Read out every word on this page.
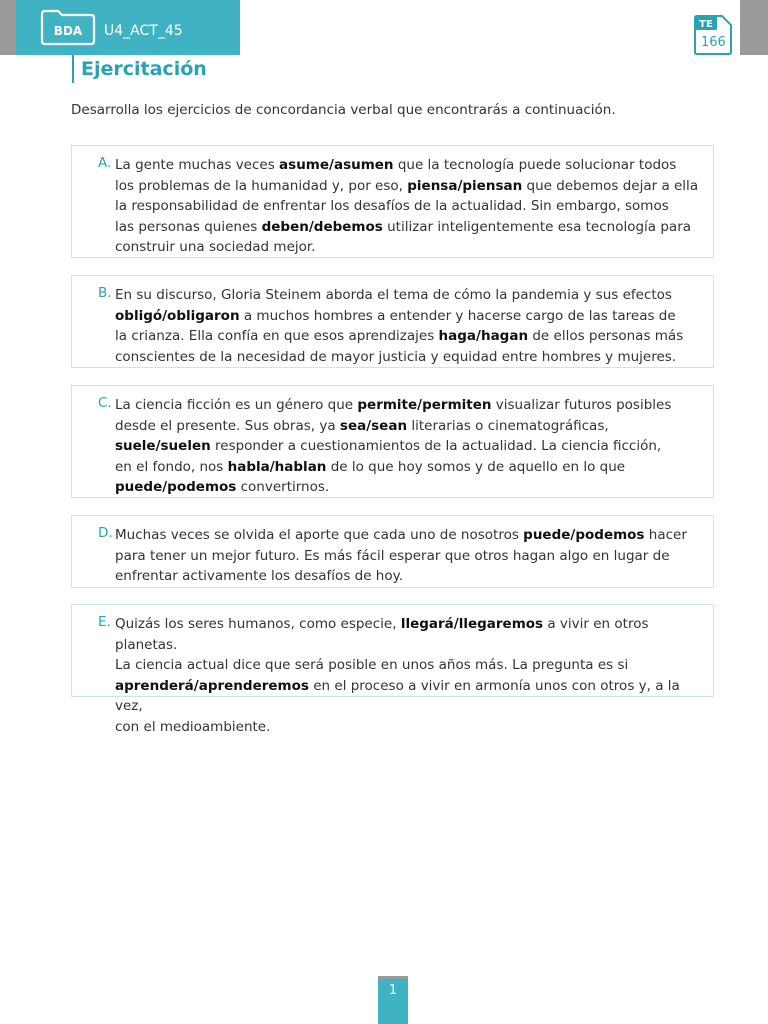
BDA U4_ACT_45	TE
166
Ejercitación
Desarrolla los ejercicios de concordancia verbal que encontrarás a continuación.
A. La gente muchas veces asume/asumen que la tecnología puede solucionar todos
los problemas de la humanidad y, por eso, piensa/piensan que debemos dejar a ella
la responsabilidad de enfrentar los desafíos de la actualidad. Sin embargo, somos
las personas quienes deben/debemos utilizar inteligentemente esa tecnología para
construir una sociedad mejor.
B. En su discurso, Gloria Steinem aborda el tema de cómo la pandemia y sus efectos
obligó/obligaron a muchos hombres a entender y hacerse cargo de las tareas de
la crianza. Ella confía en que esos aprendizajes haga/hagan de ellos personas más
conscientes de la necesidad de mayor justicia y equidad entre hombres y mujeres.
C. La ciencia ficción es un género que permite/permiten visualizar futuros posibles
desde el presente. Sus obras, ya sea/sean literarias o cinematográficas,
suele/suelen responder a cuestionamientos de la actualidad. La ciencia ficción,
en el fondo, nos habla/hablan de lo que hoy somos y de aquello en lo que
puede/podemos convertirnos.
D. Muchas veces se olvida el aporte que cada uno de nosotros puede/podemos hacer
para tener un mejor futuro. Es más fácil esperar que otros hagan algo en lugar de
enfrentar activamente los desafíos de hoy.
E. Quizás los seres humanos, como especie, llegará/llegaremos a vivir en otros planetas.
La ciencia actual dice que será posible en unos años más. La pregunta es si
aprenderá/aprenderemos en el proceso a vivir en armonía unos con otros y, a la vez,
con el medioambiente.
1
